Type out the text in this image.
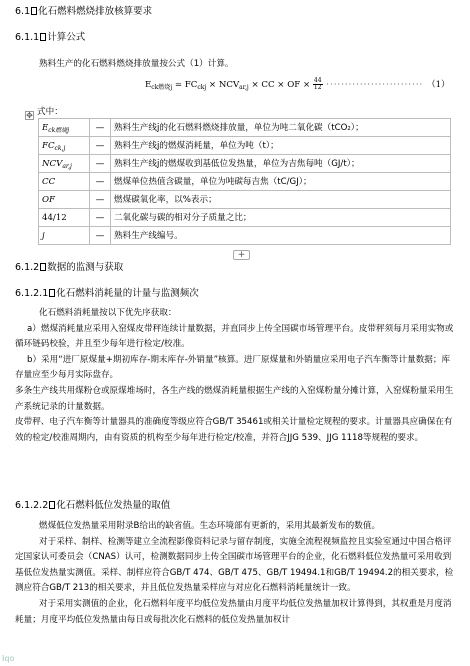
6.1 化石燃料燃烧排放核算要求
6.1.1 计算公式
熟料生产的化石燃料燃烧排放量按公式（1）计算。
$E_{ck燃烧j} = FC_{ckj} \times NCV_{ar,j}$ × CC × OF × $\frac{44}{12}$ ·························· （1）
✥ 式中：
$E_{ck燃烧j}$	—	熟料生产线j的化石燃料燃烧排放量，单位为吨二氧化碳（tCO₂）；
$FC_{ck,j}$	—	熟料生产线j的燃煤消耗量，单位为吨（t）；
$NCV_{ar,j}$	—	熟料生产线j的燃煤收到基低位发热量，单位为吉焦每吨（GJ/t）；
CC	—	燃煤单位热值含碳量，单位为吨碳每吉焦（tC/GJ）；
OF	—	燃煤碳氧化率，以%表示；
44/12	—	二氧化碳与碳的相对分子质量之比；
j	—	熟料生产线编号。
+
6.1.2 数据的监测与获取
6.1.2.1 化石燃料消耗量的计量与监测频次

化石燃料消耗量按以下优先序获取：

a）燃煤消耗量应采用入窑煤皮带秤连续计量数据，并直同步上传全国碳市场管理平台。皮带秤须每月采用实物或循环链码校验，并且至少每年进行检定/校准。

b）采用“进厂原煤量+期初库存-期末库存-外销量”核算。进厂原煤量和外销量应采用电子汽车衡等计量数据；库存量应至少每月实际盘存。

多条生产线共用煤粉仓或原煤堆场时，各生产线的燃煤消耗量根据生产线的入窑煤粉量分摊计算，入窑煤粉量采用生产系统记录的计量数据。

皮带秤、电子汽车衡等计量器具的准确度等级应符合GB/T 35461或相关计量检定规程的要求。计量器具应确保在有效的检定/校准周期内，由有资质的机构至少每年进行检定/校准，并符合JJG 539、JJG 1118等规程的要求。

6.1.2.2 化石燃料低位发热量的取值

燃煤低位发热量采用附录B给出的缺省值。生态环境部有更新的，采用其最新发布的数值。

对于采样、制样、检测等建立全流程影像资料记录与留存制度，实施全流程视频监控且实验室通过中国合格评定国家认可委员会（CNAS）认可，检测数据同步上传全国碳市场管理平台的企业，化石燃料低位发热量可采用收到基低位发热量实测值。采样、制样应符合GB/T 474、GB/T 475、GB/T 19494.1和GB/T 19494.2的相关要求，检测应符合GB/T 213的相关要求，并且低位发热量采样应与对应化石燃料消耗量统计一致。

对于采用实测值的企业，化石燃料年度平均低位发热量由月度平均低位发热量加权计算得到，其权重是月度消耗量；月度平均低位发热量由每日或每批次化石燃料的低位发热量加权计

Iqo
